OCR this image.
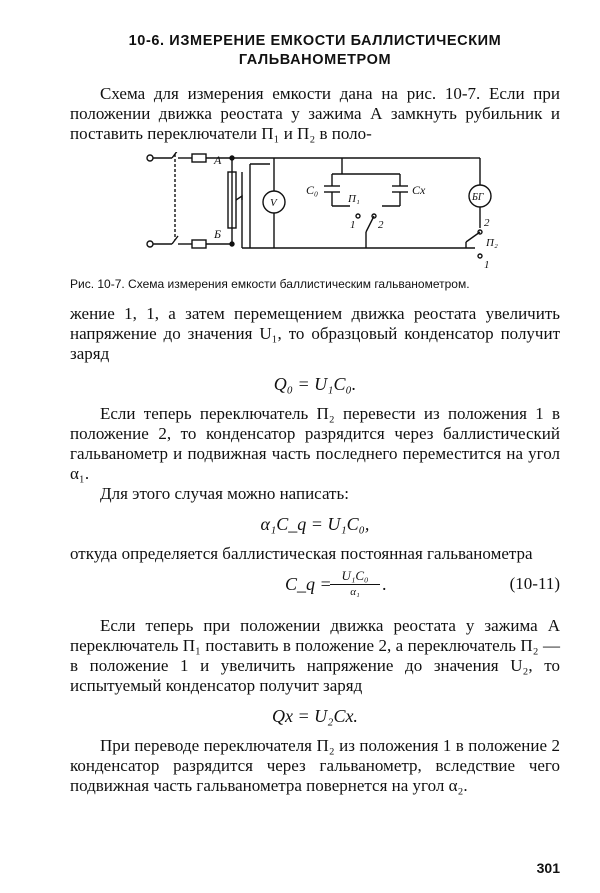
10-6. ИЗМЕРЕНИЕ ЕМКОСТИ БАЛЛИСТИЧЕСКИМ
ГАЛЬВАНОМЕТРОМ

Схема для измерения емкости дана на рис. 10-7. Если при положении движка реостата у зажима А замкнуть рубильник и поставить переключатели П₁ и П₂ в поло-

А
Б
V
C₀	Cx
П₁
1 2
БГ
2
П₂
1
Рис. 10-7. Схема измерения емкости баллистическим гальванометром.

жение 1, 1, а затем перемещением движка реостата увеличить напряжение до значения U₁, то образцовый конденсатор получит заряд

Q₀ = U₁C₀.

Если теперь переключатель П₂ перевести из положения 1 в положение 2, то конденсатор разрядится через баллистический гальванометр и подвижная часть последнего переместится на угол α₁.

Для этого случая можно написать:

α₁C_q = U₁C₀,

откуда определяется баллистическая постоянная гальванометра

C_q = U₁C₀
α₁	.	(10-11)

Если теперь при положении движка реостата у зажима А переключатель П₁ поставить в положение 2, а переключатель П₂ — в положение 1 и увеличить напряжение до значения U₂, то испытуемый конденсатор получит заряд

Qx = U₂Cx.

При переводе переключателя П₂ из положения 1 в положение 2 конденсатор разрядится через гальванометр, вследствие чего подвижная часть гальванометра повернется на угол α₂.

301
